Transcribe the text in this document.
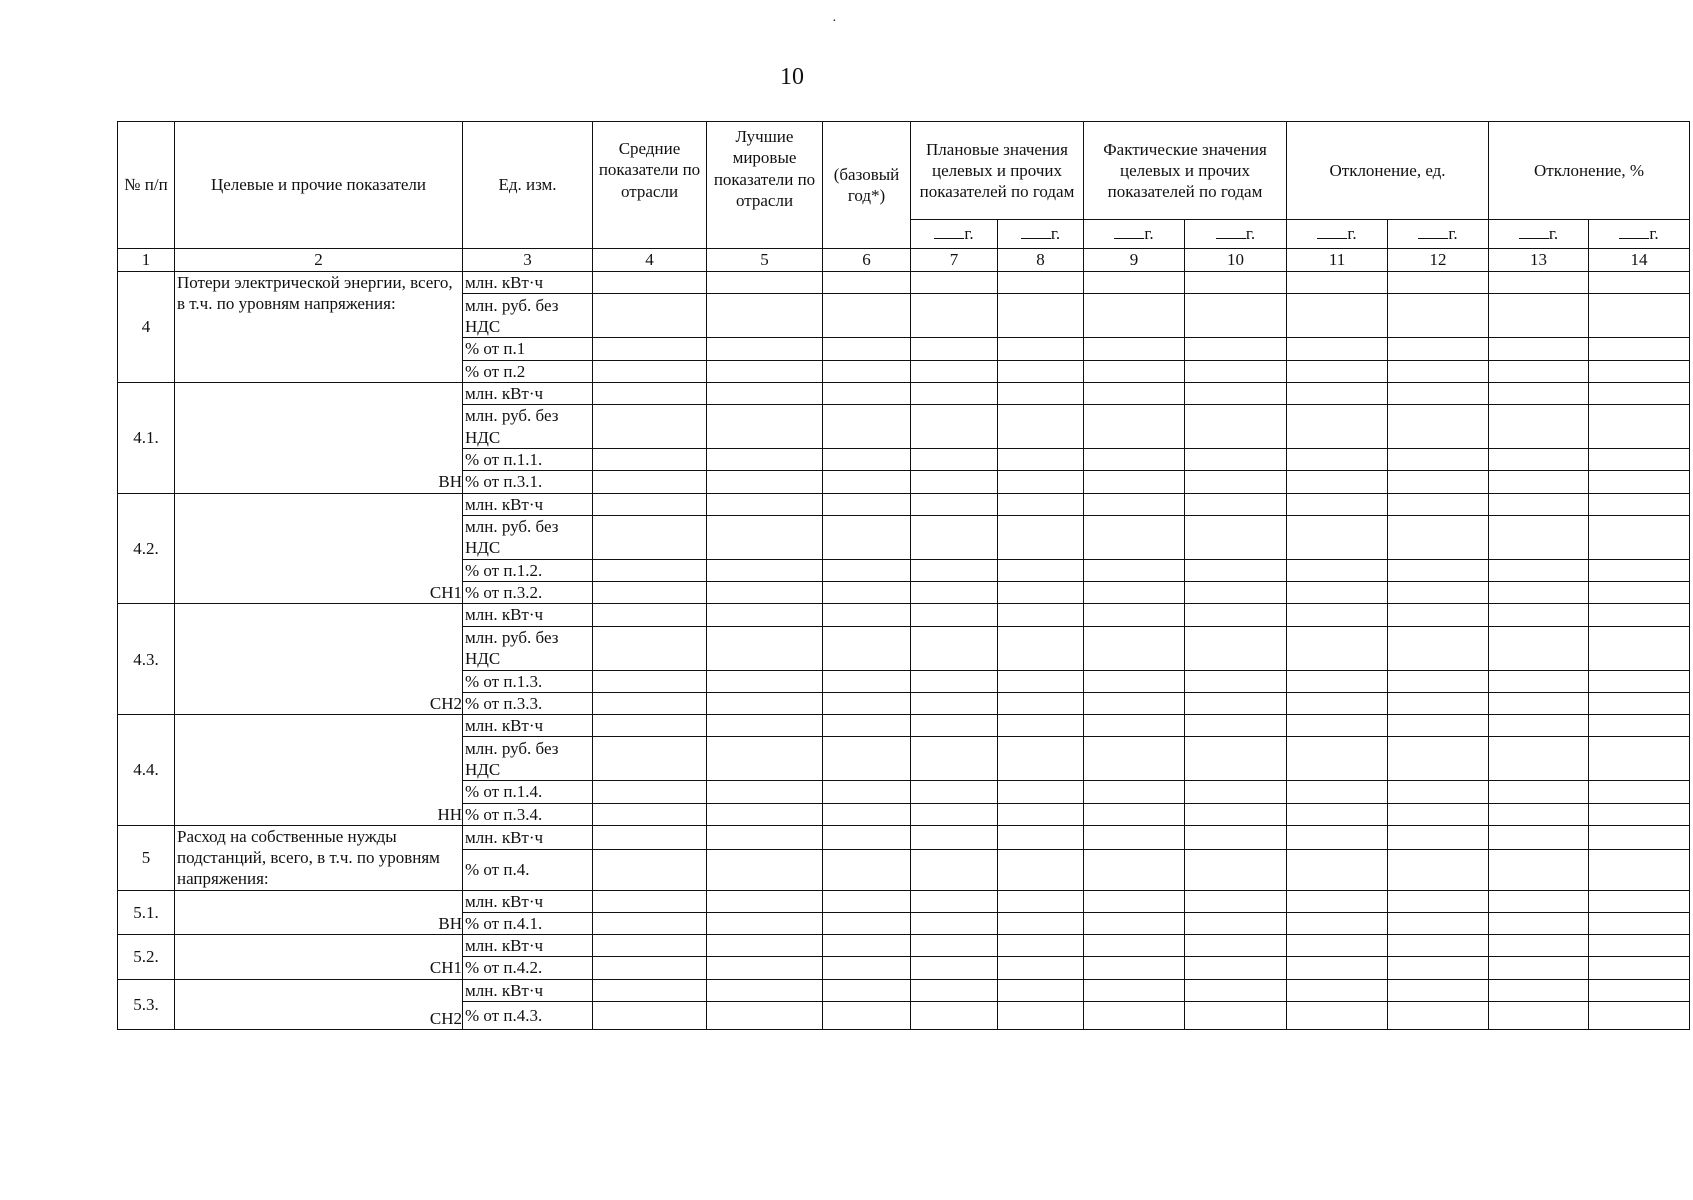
·
10
№ п/п	Целевые и прочие показатели	Ед. изм.	Средние показатели по отрасли	Лучшие мировые показатели по отрасли	(базовый год*)	Плановые значения целевых и прочих показателей по годам		Фактические значения целевых и прочих показателей по годам		Отклонение, ед.		Отклонение, %	
						г.	г.	г.	г.	г.	г.	г.	г.
1	2	3	4	5	6	7	8	9	10	11	12	13	14
4	Потери электрической энергии, всего, в т.ч. по уровням напряжения:	млн. кВт·ч											
		млн. руб. без НДС											
		% от п.1											
		% от п.2											
4.1.	ВН	млн. кВт·ч											
		млн. руб. без НДС											
		% от п.1.1.											
		% от п.3.1.											
4.2.	СН1	млн. кВт·ч											
		млн. руб. без НДС											
		% от п.1.2.											
		% от п.3.2.											
4.3.	СН2	млн. кВт·ч											
		млн. руб. без НДС											
		% от п.1.3.											
		% от п.3.3.											
4.4.	НН	млн. кВт·ч											
		млн. руб. без НДС											
		% от п.1.4.											
		% от п.3.4.											
5	Расход на собственные нужды подстанций, всего, в т.ч. по уровням напряжения:	млн. кВт·ч											
		% от п.4.											
5.1.	ВН	млн. кВт·ч											
		% от п.4.1.											
5.2.	СН1	млн. кВт·ч											
		% от п.4.2.											
5.3.	СН2	млн. кВт·ч											
		% от п.4.3.											
